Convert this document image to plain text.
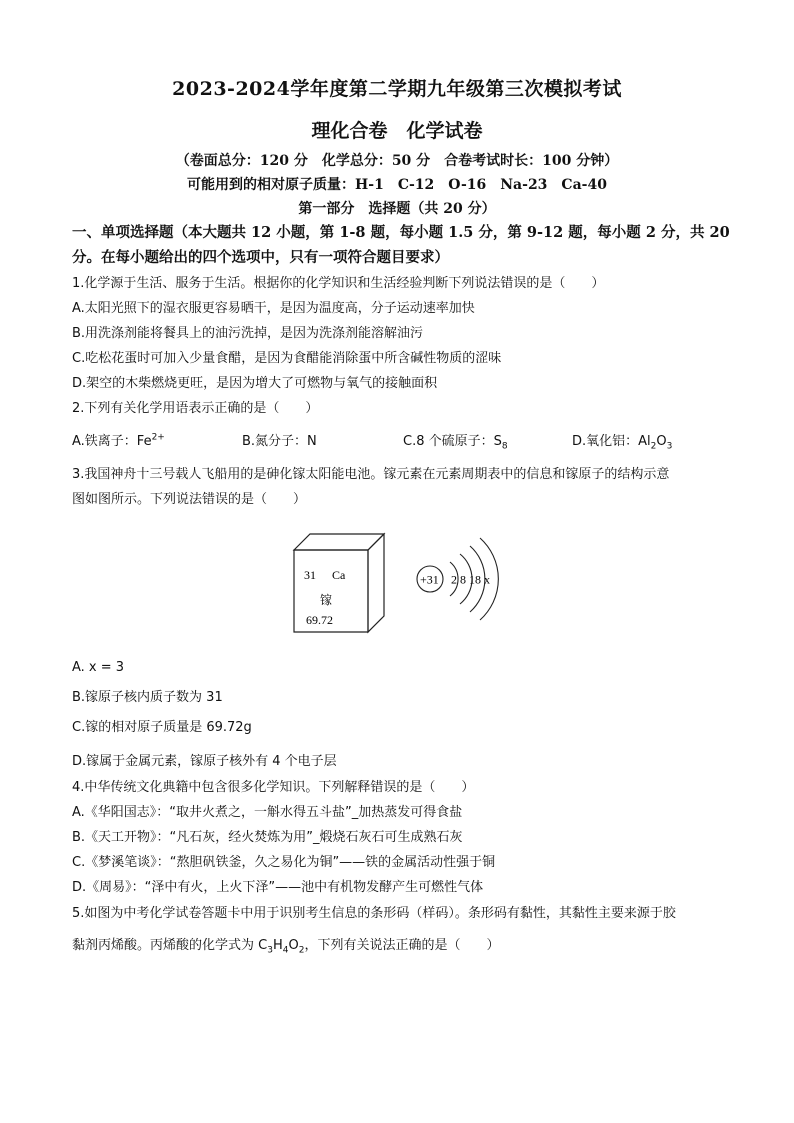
2023-2024学年度第二学期九年级第三次模拟考试
理化合卷　化学试卷
（卷面总分：120 分　化学总分：50 分　合卷考试时长：100 分钟）
可能用到的相对原子质量：H-1　C-12　O-16　Na-23　Ca-40
第一部分　选择题（共 20 分）
一、单项选择题（本大题共 12 小题，第 1-8 题，每小题 1.5 分，第 9-12 题，每小题 2 分，共 20 分。在每小题给出的四个选项中，只有一项符合题目要求）
1.化学源于生活、服务于生活。根据你的化学知识和生活经验判断下列说法错误的是（　　）
A.太阳光照下的湿衣服更容易晒干，是因为温度高，分子运动速率加快
B.用洗涤剂能将餐具上的油污洗掉，是因为洗涤剂能溶解油污
C.吃松花蛋时可加入少量食醋，是因为食醋能消除蛋中所含碱性物质的涩味
D.架空的木柴燃烧更旺，是因为增大了可燃物与氧气的接触面积
2.下列有关化学用语表示正确的是（　　）
A.铁离子：$Fe^{2+}$	B.氮分子：N	C.8 个硫原子：$S_8$	D.氧化铝：$Al_2O_3$
3.我国神舟十三号载人飞船用的是砷化镓太阳能电池。镓元素在元素周期表中的信息和镓原子的结构示意
图如图所示。下列说法错误的是（　　）
31 Ca
镓
69.72
+31 2 8 18 x
A. x = 3
B.镓原子核内质子数为 31
C.镓的相对原子质量是 69.72g
D.镓属于金属元素，镓原子核外有 4 个电子层
4.中华传统文化典籍中包含很多化学知识。下列解释错误的是（　　）
A.《华阳国志》：“取井火煮之，一斛水得五斗盐”_加热蒸发可得食盐
B.《天工开物》：“凡石灰，经火焚炼为用”_煅烧石灰石可生成熟石灰
C.《梦溪笔谈》：“熬胆矾铁釜，久之易化为铜”——铁的金属活动性强于铜
D.《周易》：“泽中有火，上火下泽”——池中有机物发酵产生可燃性气体
5.如图为中考化学试卷答题卡中用于识别考生信息的条形码（样码）。条形码有黏性，其黏性主要来源于胶
黏剂丙烯酸。丙烯酸的化学式为 $C_3H_4O_2$，下列有关说法正确的是（　　）
